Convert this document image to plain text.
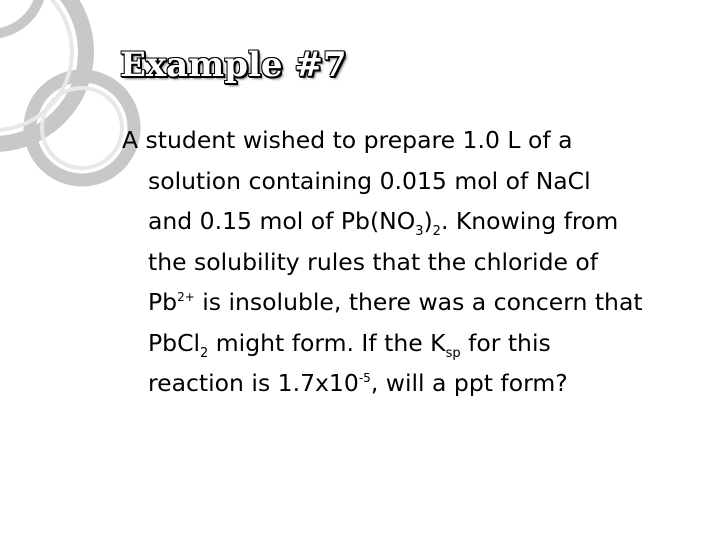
Example #7
A student wished to prepare 1.0 L of a
solution containing 0.015 mol of NaCl
and 0.15 mol of $Pb(NO_3)_2$. Knowing from
the solubility rules that the chloride of
$Pb^{2+}$ is insoluble, there was a concern that
PbCl$_2$ might form. If the $K_{sp}$ for this
reaction is $1.7x10^{-5}$, will a ppt form?
